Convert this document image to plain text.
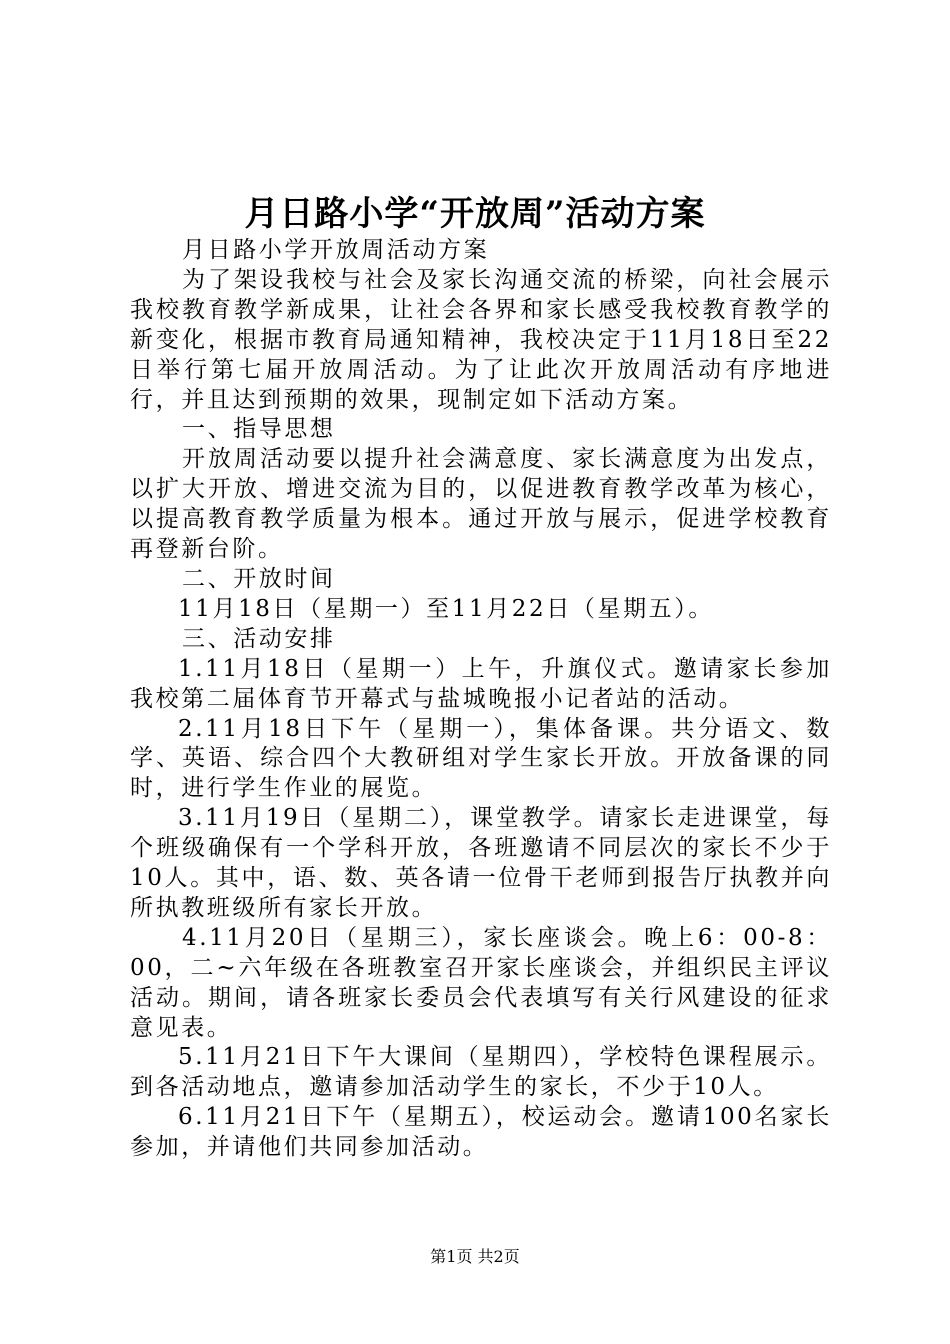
月日路小学“开放周”活动方案

月日路小学开放周活动方案

为了架设我校与社会及家长沟通交流的桥梁，向社会展示我校教育教学新成果，让社会各界和家长感受我校教育教学的新变化，根据市教育局通知精神，我校决定于11月18日至22日举行第七届开放周活动。为了让此次开放周活动有序地进行，并且达到预期的效果，现制定如下活动方案。

一、指导思想

开放周活动要以提升社会满意度、家长满意度为出发点，以扩大开放、增进交流为目的，以促进教育教学改革为核心，以提高教育教学质量为根本。通过开放与展示，促进学校教育再登新台阶。

二、开放时间

11月18日（星期一）至11月22日（星期五）。

三、活动安排

1.11月18日（星期一）上午，升旗仪式。邀请家长参加我校第二届体育节开幕式与盐城晚报小记者站的活动。

2.11月18日下午（星期一），集体备课。共分语文、数学、英语、综合四个大教研组对学生家长开放。开放备课的同时，进行学生作业的展览。

3.11月19日（星期二），课堂教学。请家长走进课堂，每个班级确保有一个学科开放，各班邀请不同层次的家长不少于10人。其中，语、数、英各请一位骨干老师到报告厅执教并向所执教班级所有家长开放。

4.11月20日（星期三），家长座谈会。晚上6：00-8：00，二~六年级在各班教室召开家长座谈会，并组织民主评议活动。期间，请各班家长委员会代表填写有关行风建设的征求意见表。

5.11月21日下午大课间（星期四），学校特色课程展示。到各活动地点，邀请参加活动学生的家长，不少于10人。

6.11月21日下午（星期五），校运动会。邀请100名家长参加，并请他们共同参加活动。

第1页 共2页
